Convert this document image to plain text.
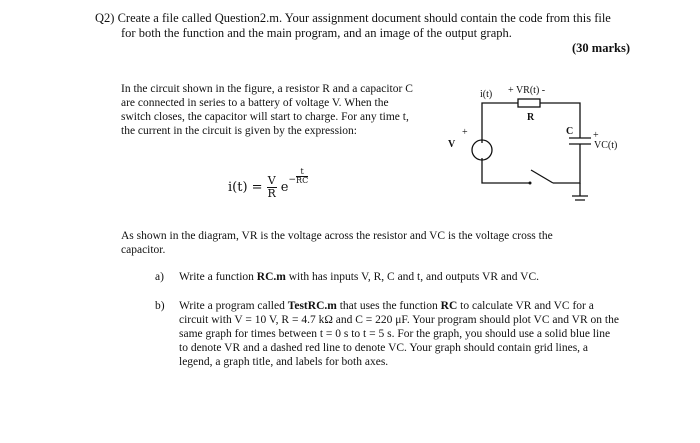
Q2) Create a file called Question2.m. Your assignment document should contain the code from this file
for both the function and the main program, and an image of the output graph.
(30 marks)
In the circuit shown in the figure, a resistor R and a capacitor C are connected in series to a battery of voltage V. When the switch closes, the capacitor will start to charge. For any time t, the current in the circuit is given by the expression:
$i(t) = \frac{V}{R} e^- \frac{t}{RC}$
i(t) + VR(t) -
R
V
+	C +
VC(t)
As shown in the diagram, VR is the voltage across the resistor and VC is the voltage cross the capacitor.
a) Write a function RC.m with has inputs V, R, C and t, and outputs VR and VC.
b) Write a program called TestRC.m that uses the function RC to calculate VR and VC for a circuit with V = 10 V, R = 4.7 kΩ and C = 220 μF. Your program should plot VC and VR on the same graph for times between t = 0 s to t = 5 s. For the graph, you should use a solid blue line to denote VR and a dashed red line to denote VC. Your graph should contain grid lines, a legend, a graph title, and labels for both axes.
